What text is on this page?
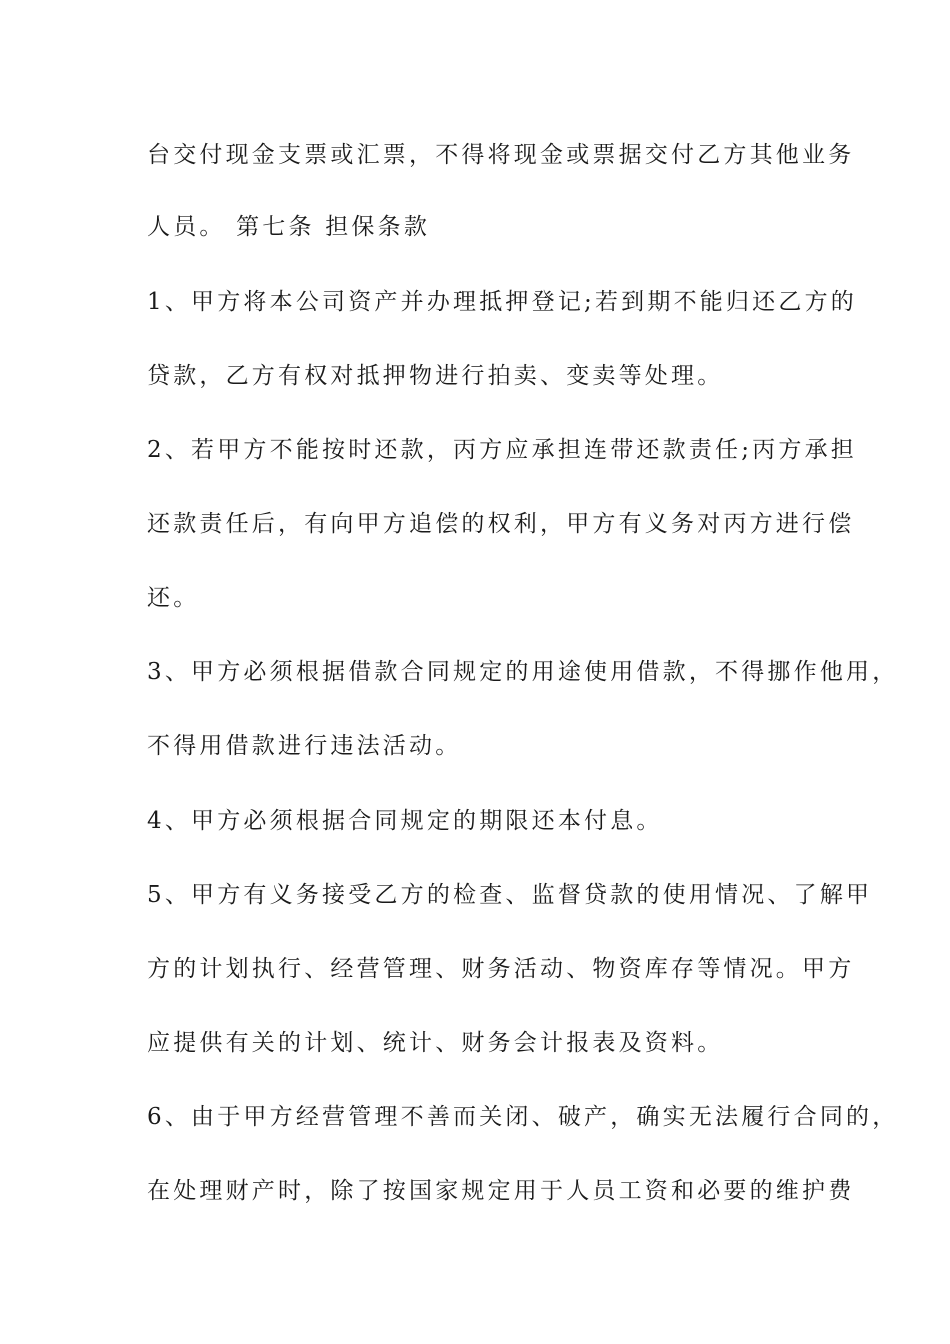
台交付现金支票或汇票，不得将现金或票据交付乙方其他业务

人员。 第七条 担保条款

1、甲方将本公司资产并办理抵押登记;若到期不能归还乙方的

贷款，乙方有权对抵押物进行拍卖、变卖等处理。

2、若甲方不能按时还款，丙方应承担连带还款责任;丙方承担

还款责任后，有向甲方追偿的权利，甲方有义务对丙方进行偿

还。

3、甲方必须根据借款合同规定的用途使用借款，不得挪作他用，

不得用借款进行违法活动。

4、甲方必须根据合同规定的期限还本付息。

5、甲方有义务接受乙方的检查、监督贷款的使用情况、了解甲

方的计划执行、经营管理、财务活动、物资库存等情况。甲方

应提供有关的计划、统计、财务会计报表及资料。

6、由于甲方经营管理不善而关闭、破产，确实无法履行合同的，

在处理财产时，除了按国家规定用于人员工资和必要的维护费
